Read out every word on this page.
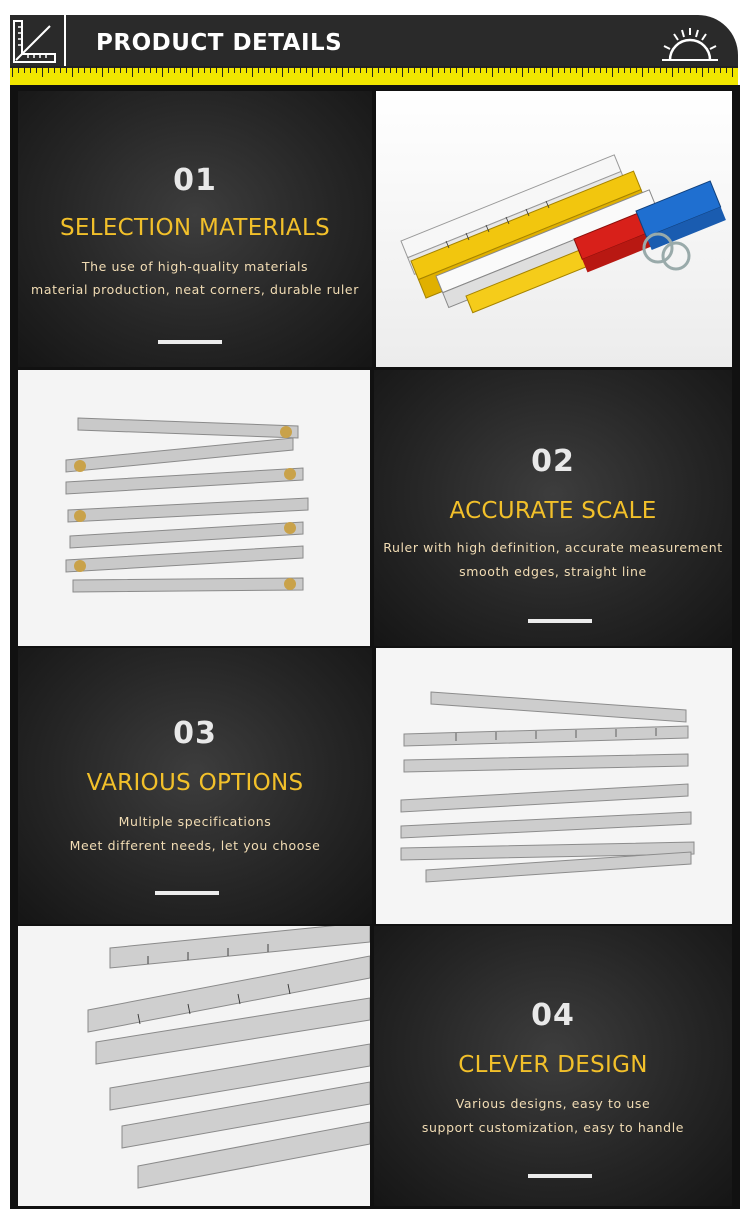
PRODUCT DETAILS
01
SELECTION MATERIALS
The use of high-quality materials
material production, neat corners, durable ruler
02
ACCURATE SCALE
Ruler with high definition, accurate measurement
smooth edges, straight line
03
VARIOUS OPTIONS
Multiple specifications
Meet different needs, let you choose
04
CLEVER DESIGN
Various designs, easy to use
support customization, easy to handle
